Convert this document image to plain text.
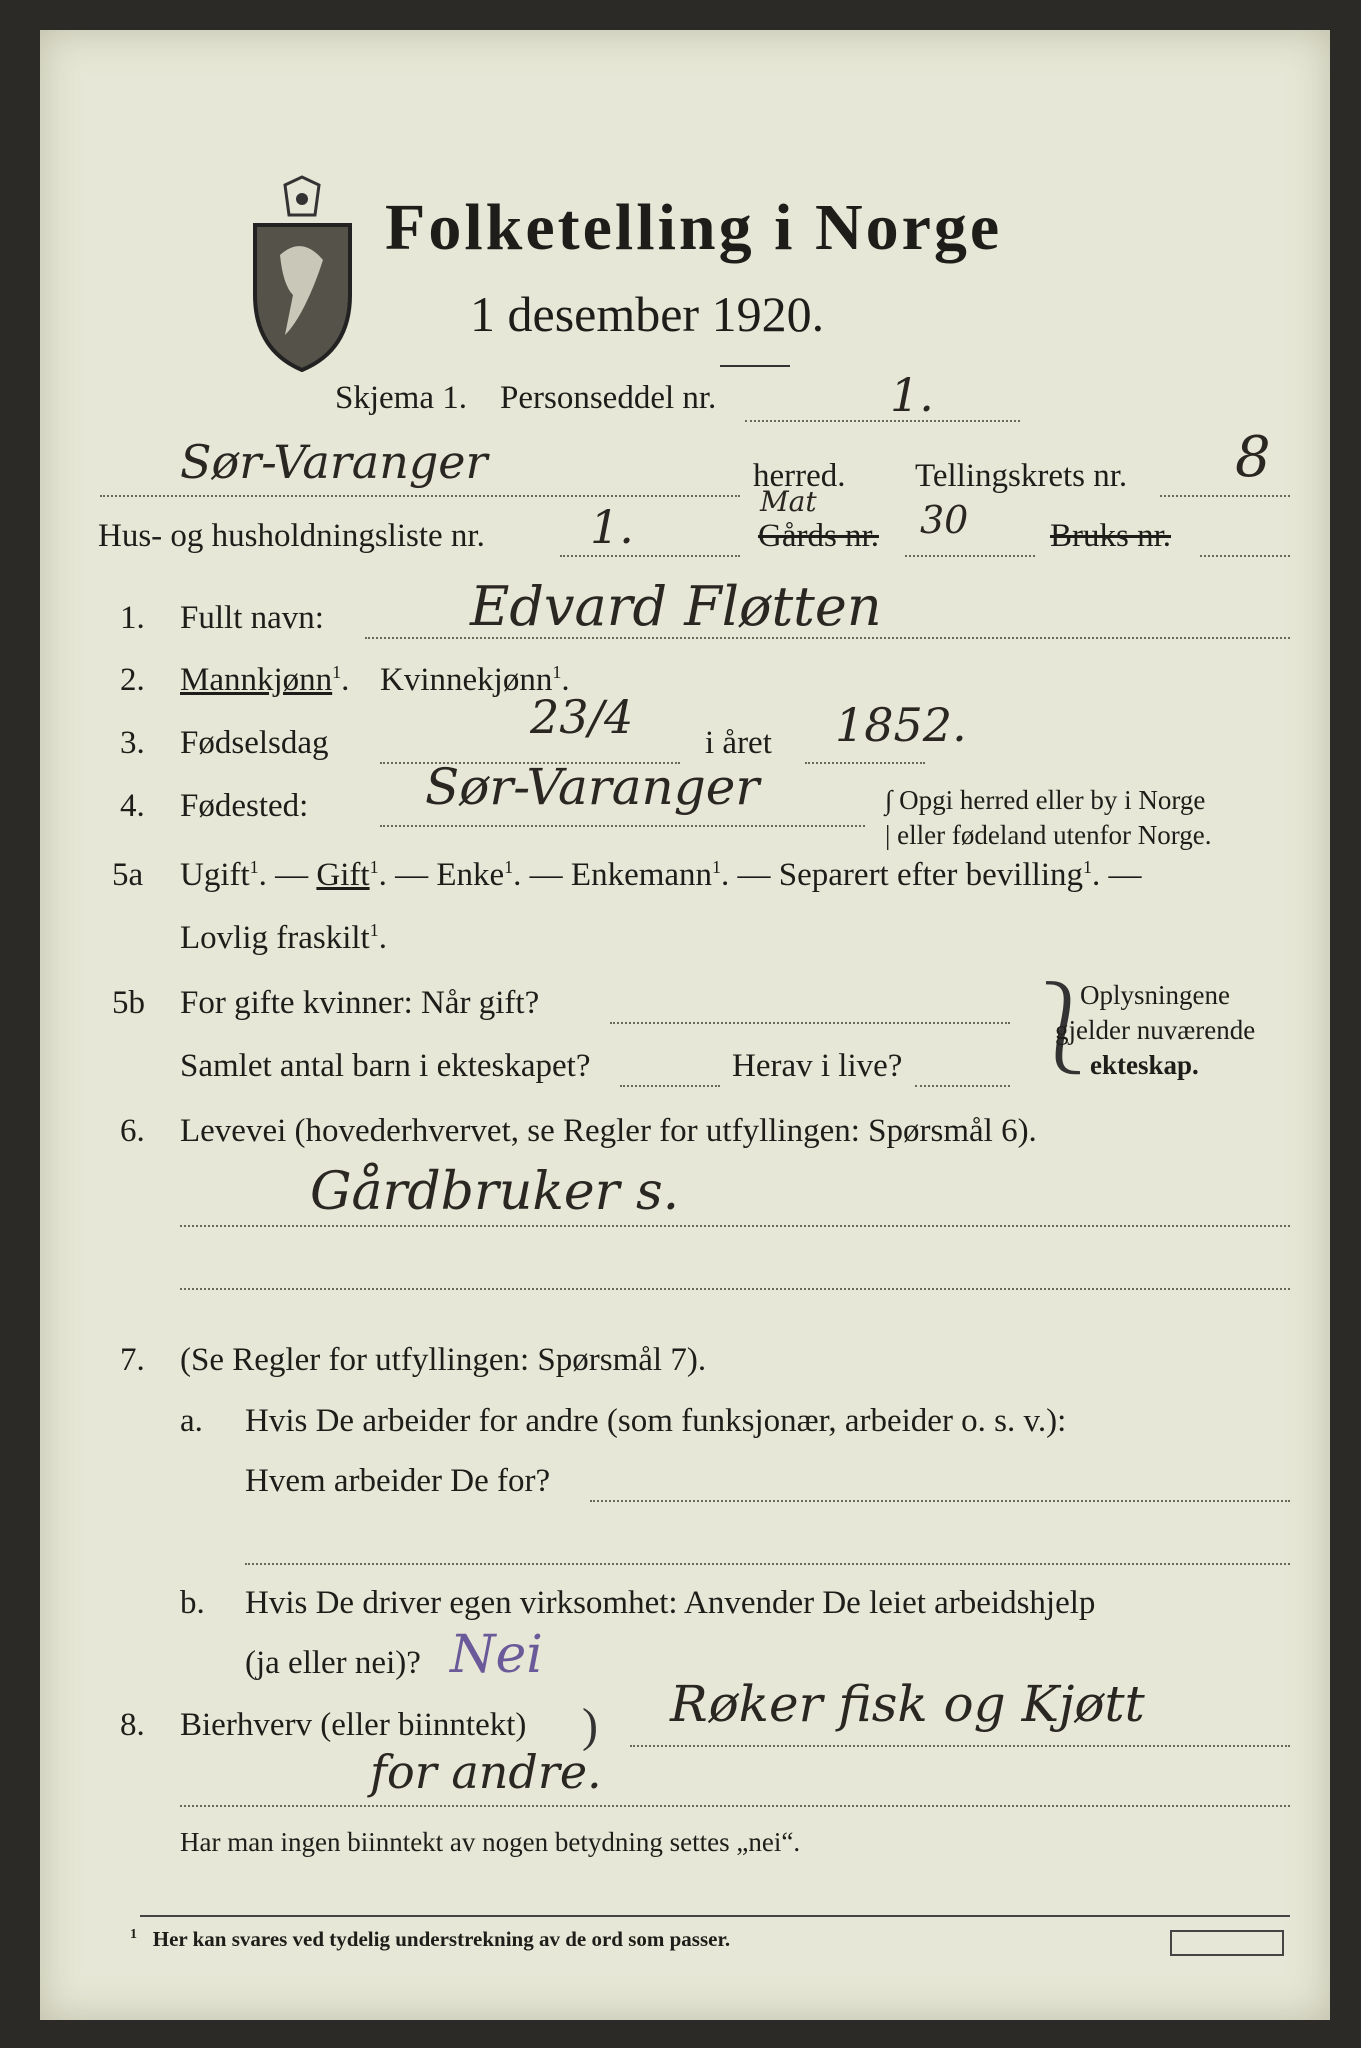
Folketelling i Norge
1 desember 1920.
Skjema 1. Personseddel nr.	1.
Sør-Varanger	herred. Tellingskrets nr. 8
Hus- og husholdningsliste nr. 1.	Gårds nr.
Mat	30 Bruks nr.
1. Fullt navn:	Edvard Fløtten
2. Mannkjønn$^1$. Kvinnekjønn$^1$.
3. Fødselsdag	23/4 i året 1852.
4. Fødested: Sør-Varanger	∫ Opgi herred eller by i Norge
| eller fødeland utenfor Norge.
5a Ugift$^1$. — Gift$^1$. — Enke$^1$. — Enkemann$^1$. — Separert efter bevilling$^1$. —
Lovlig fraskilt$^1$.
5b For gifte kvinner: Når gift?
Samlet antal barn i ekteskapet?	Herav i live? ⎱
Oplysningene
gjelder nuværende
ekteskap.
6. Levevei (hovederhvervet, se Regler for utfyllingen: Spørsmål 6).
Gårdbruker s.
7. (Se Regler for utfyllingen: Spørsmål 7).
a. Hvis De arbeider for andre (som funksjonær, arbeider o. s. v.):
Hvem arbeider De for?
b. Hvis De driver egen virksomhet: Anvender De leiet arbeidshjelp
(ja eller nei)? Nei
8. Bierhverv (eller biinntekt) ) Røker fisk og Kjøtt
for andre.
Har man ingen biinntekt av nogen betydning settes „nei“.
$^1$ Her kan svares ved tydelig understrekning av de ord som passer.
